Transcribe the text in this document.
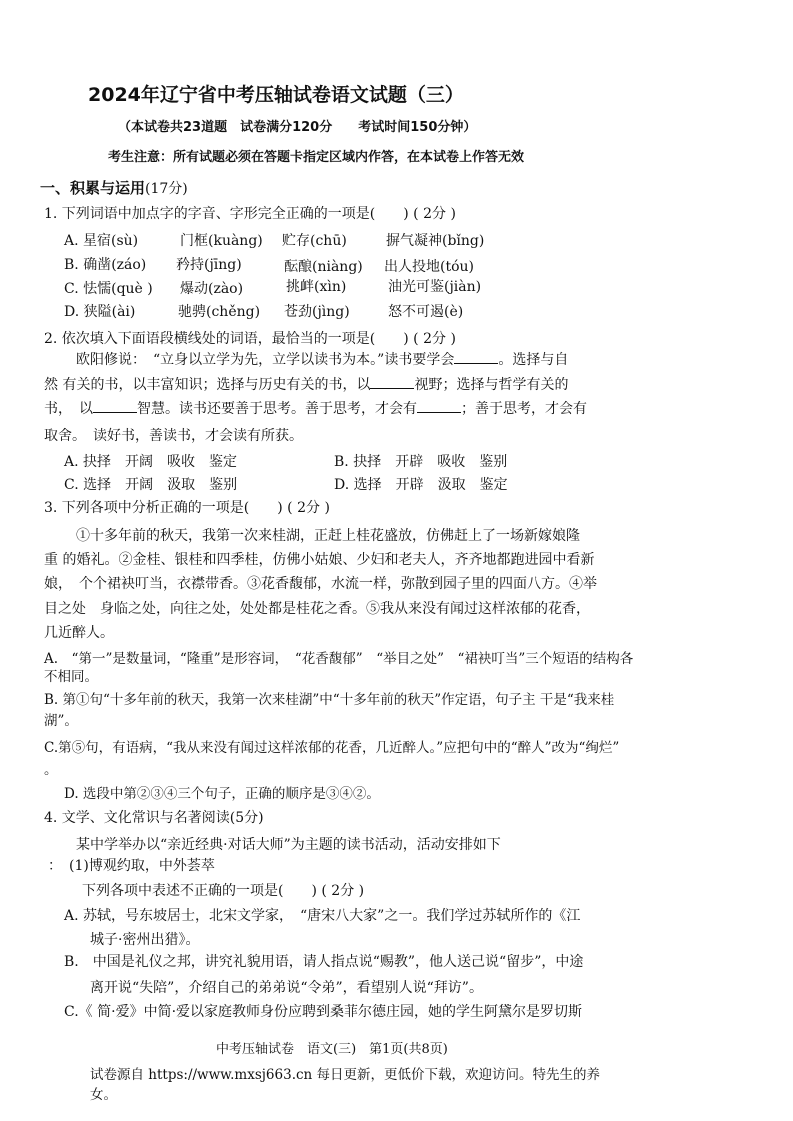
2024年辽宁省中考压轴试卷语文试题（三）
（本试卷共23道题　试卷满分120分　　考试时间150分钟）
考生注意：所有试题必须在答题卡指定区域内作答，在本试卷上作答无效
一、积累与运用(17分)
1. 下列词语中加点字的字音、字形完全正确的一项是(　　) ( 2分 )
A. 星宿(sù)	门框(kuàng) 贮存(chū)	摒气凝神(bǐng)
B. 确凿(záo) 矜持(jīng)	酝酿(niàng) 出人投地(tóu)
C. 怯懦(què ) 爆动(zào)	挑衅(xìn)	油光可鉴(jiàn)
D. 狭隘(ài)	驰骋(chěng) 苍劲(jìng)	怒不可遏(è)
2. 依次填入下面语段横线处的词语，最恰当的一项是(　　) ( 2分 )
　欧阳修说：　“立身以立学为先，立学以读书为本。”读书要学会	。选择与自
然 有关的书，以丰富知识；选择与历史有关的书，以	视野；选择与哲学有关的
书，　以	智慧。读书还要善于思考。善于思考，才会有	；善于思考，才会有
取舍。　读好书，善读书，才会读有所获。
A. 抉择　开阔　吸收　鉴定	B. 抉择　开辟　吸收　鉴别
C. 选择　开阔　汲取　鉴别	D. 选择　开辟　汲取　鉴定
3. 下列各项中分析正确的一项是(　　) ( 2分 )
　①十多年前的秋天，我第一次来桂湖，正赶上桂花盛放，仿佛赶上了一场新嫁娘隆
重 的婚礼。②金桂、银桂和四季桂，仿佛小姑娘、少妇和老夫人，齐齐地都跑进园中看新
娘，　个个裙袂叮当，衣襟带香。③花香馥郁，水流一样，弥散到园子里的四面八方。④举
目之处　身临之处，向往之处，处处都是桂花之香。⑤我从来没有闻过这样浓郁的花香，
几近醉人。
A.　“第一”是数量词，“隆重”是形容词，　“花香馥郁”　“举目之处”　“裙袂叮当”三个短语的结构各
不相同。
B. 第①句“十多年前的秋天，我第一次来桂湖”中“十多年前的秋天”作定语，句子主 干是“我来桂
湖”。
C.第⑤句，有语病，“我从来没有闻过这样浓郁的花香，几近醉人。”应把句中的“醉人”改为“绚烂”
。
D. 选段中第②③④三个句子，正确的顺序是③④②。
4. 文学、文化常识与名著阅读(5分)
　某中学举办以“亲近经典·对话大师”为主题的读书活动，活动安排如下
：　(1)博观约取，中外荟萃
下列各项中表述不正确的一项是(　　) ( 2分 )
A. 苏轼，号东坡居士，北宋文学家，　“唐宋八大家”之一。我们学过苏轼所作的《江
城子·密州出猎》。
B.　中国是礼仪之邦，讲究礼貌用语，请人指点说“赐教”，他人送己说“留步”，中途
离开说“失陪”，介绍自己的弟弟说“令弟”，看望别人说“拜访”。
C.《 简·爱》中简·爱以家庭教师身份应聘到桑菲尔德庄园，她的学生阿黛尔是罗切斯
中考压轴试卷　语文(三)　第1页(共8页)
试卷源自 https://www.mxsj663.cn 每日更新，更低价下载，欢迎访问。特先生的养
女。
